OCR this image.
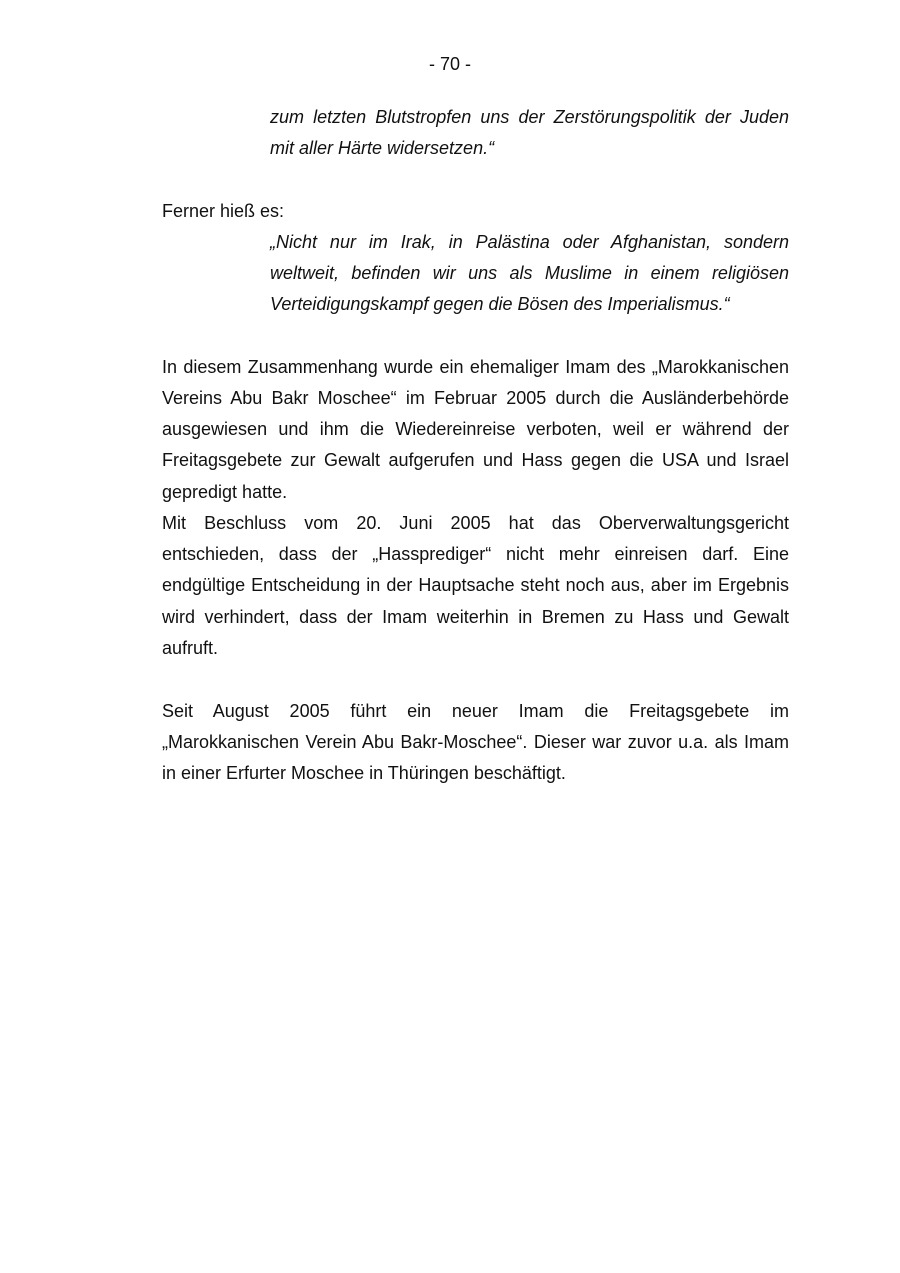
- 70 -
zum letzten Blutstropfen uns der Zerstörungspolitik der Juden
mit aller Härte widersetzen.“
Ferner hieß es:
„Nicht nur im Irak, in Palästina oder Afghanistan, sondern
weltweit, befinden wir uns als Muslime in einem religiösen
Verteidigungskampf gegen die Bösen des Imperialismus.“
In diesem Zusammenhang wurde ein ehemaliger Imam des „Marokkanischen
Vereins Abu Bakr Moschee“ im Februar 2005 durch die Ausländerbehörde
ausgewiesen und ihm die Wiedereinreise verboten, weil er während der
Freitagsgebete zur Gewalt aufgerufen und Hass gegen die USA und Israel
gepredigt hatte.
Mit Beschluss vom 20. Juni 2005 hat das Oberverwaltungsgericht
entschieden, dass der „Hassprediger“ nicht mehr einreisen darf. Eine
endgültige Entscheidung in der Hauptsache steht noch aus, aber im Ergebnis
wird verhindert, dass der Imam weiterhin in Bremen zu Hass und Gewalt
aufruft.
Seit August 2005 führt ein neuer Imam die Freitagsgebete im
„Marokkanischen Verein Abu Bakr-Moschee“. Dieser war zuvor u.a. als Imam
in einer Erfurter Moschee in Thüringen beschäftigt.
